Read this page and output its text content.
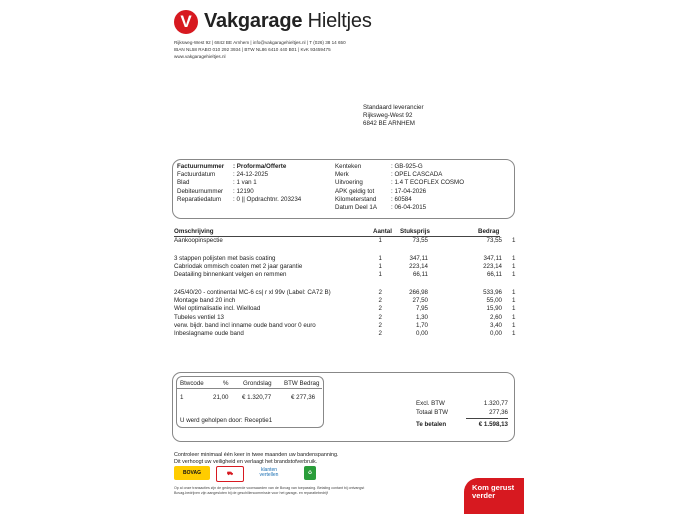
V Vakgarage Hieltjes
Rijksweg-West 92 | 6842 BE Arnhem | info@vakgaragehieltjes.nl | T (026) 38 14 650
IBAN NL58 RABO 010 292 3934 | BTW NL86 6410 440 B01 | KvK 93459475
www.vakgaragehieltjes.nl
Standaard leverancier
Rijksweg-West 92
6842 BE ARNHEM
Factuurnummer	: Proforma/Offerte
Factuurdatum	: 24-12-2025
Blad	: 1 van 1
Debiteurnummer	: 12190
Reparatiedatum	: 0 || Opdrachtnr. 203234
Kenteken	: GB-925-G
Merk	: OPEL CASCADA
Uitvoering	: 1.4 T ECOFLEX COSMO
APK geldig tot	: 17-04-2026
Kilometerstand	: 60584
Datum Deel 1A	: 06-04-2015
Omschrijving	Aantal Stuksprijs	Bedrag
Aankoopinspectie	1	73,55	73,55 1
3 stappen polijsten met basis coating	1	347,11	347,11 1
Cabriodak ommisch coaten met 2 jaar garantie	1	223,14	223,14 1
Deatailing binnenkant velgen en remmen	1	66,11	66,11 1
245/40/20 - continental MC-6 cs| r xl 99v (Label: CA72 B)	2	266,98	533,96 1
Montage band 20 inch	2	27,50	55,00 1
Wiel optimalisatie incl. Wielload	2	7,95	15,90 1
Tubeles ventiel 13	2	1,30	2,60 1
verw. bijdr. band incl inname oude band voor 0 euro	2	1,70	3,40 1
Inbeslagname oude band	2	0,00	0,00 1
Btwcode	% Grondslag BTW Bedrag
1	21,00 € 1.320,77	€ 277,36
U werd geholpen door: Receptie1
Excl. BTW	1.320,77
Totaal BTW	277,36
Te betalen	€ 1.598,13
Controleer minimaal één keer in twee maanden uw bandenspanning.
Dit verhoogt uw veiligheid en verlaagt het brandstofverbruik.
BOVAG	⛟
klanten vertellen	♻
Op al onze transacties zijn de gedeponeerde voorwaarden van de Bovag van toepassing. Betaling contant bij ontvangst
Bovag-bedrijven zijn aangesloten bij de geschillencommissie voor het garage- en reparatiebedrijf
Kom gerust
verder
